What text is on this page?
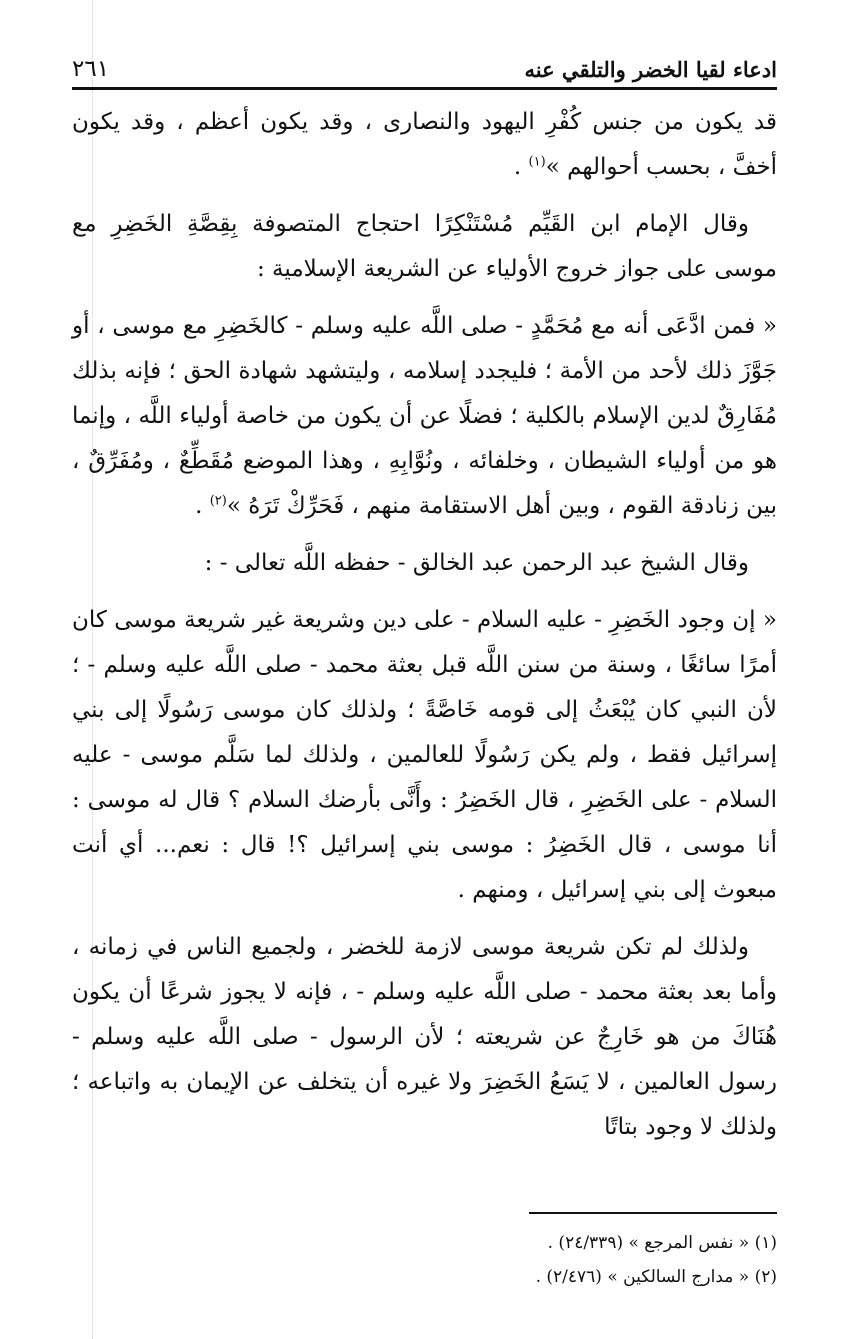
ادعاء لقيا الخضر والتلقي عنه
٢٦١

قد يكون من جنس كُفْرِ اليهود والنصارى ، وقد يكون أعظم ، وقد يكون أخفَّ ، بحسب أحوالهم »$^{(١)}$ .

وقال الإمام ابن القَيِّم مُسْتَنْكِرًا احتجاج المتصوفة بِقِصَّةِ الخَضِرِ مع موسى على جواز خروج الأولياء عن الشريعة الإسلامية :

« فمن ادَّعَى أنه مع مُحَمَّدٍ - صلى اللَّه عليه وسلم - كالخَضِرِ مع موسى ، أو جَوَّزَ ذلك لأحد من الأمة ؛ فليجدد إسلامه ، وليتشهد شهادة الحق ؛ فإنه بذلك مُفَارِقٌ لدين الإسلام بالكلية ؛ فضلًا عن أن يكون من خاصة أولياء اللَّه ، وإنما هو من أولياء الشيطان ، وخلفائه ، ونُوَّابِهِ ، وهذا الموضع مُقَطِّعٌ ، ومُفَرِّقٌ ، بين زنادقة القوم ، وبين أهل الاستقامة منهم ، فَحَرِّكْ تَرَهُ »$^{(٢)}$ .

وقال الشيخ عبد الرحمن عبد الخالق - حفظه اللَّه تعالى - :

« إن وجود الخَضِرِ - عليه السلام - على دين وشريعة غير شريعة موسى كان أمرًا سائغًا ، وسنة من سنن اللَّه قبل بعثة محمد - صلى اللَّه عليه وسلم - ؛ لأن النبي كان يُبْعَثُ إلى قومه خَاصَّةً ؛ ولذلك كان موسى رَسُولًا إلى بني إسرائيل فقط ، ولم يكن رَسُولًا للعالمين ، ولذلك لما سَلَّم موسى - عليه السلام - على الخَضِرِ ، قال الخَضِرُ : وأَنَّى بأرضك السلام ؟ قال له موسى : أنا موسى ، قال الخَضِرُ : موسى بني إسرائيل ؟! قال : نعم... أي أنت مبعوث إلى بني إسرائيل ، ومنهم .

ولذلك لم تكن شريعة موسى لازمة للخضر ، ولجميع الناس في زمانه ، وأما بعد بعثة محمد - صلى اللَّه عليه وسلم - ، فإنه لا يجوز شرعًا أن يكون هُنَاكَ من هو خَارِجٌ عن شريعته ؛ لأن الرسول - صلى اللَّه عليه وسلم - رسول العالمين ، لا يَسَعُ الخَضِرَ ولا غيره أن يتخلف عن الإيمان به واتباعه ؛ ولذلك لا وجود بتاتًا

(١) « نفس المرجع » (٢٤/٣٣٩) .
(٢) « مدارج السالكين » (٢/٤٧٦) .
